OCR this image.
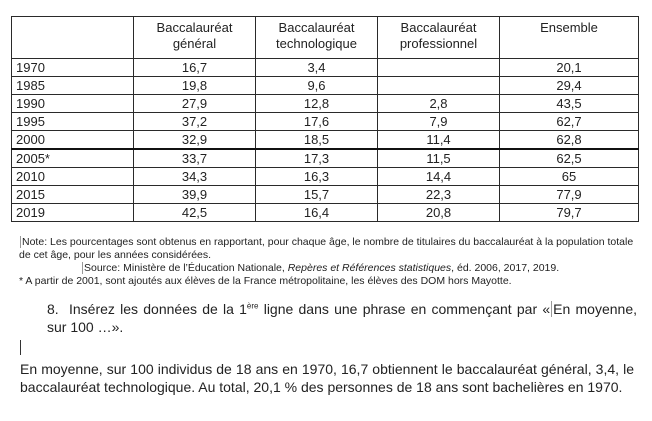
	Baccalauréat général	Baccalauréat technologique	Baccalauréat professionnel	Ensemble
1970	16,7	3,4		20,1
1985	19,8	9,6		29,4
1990	27,9	12,8	2,8	43,5
1995	37,2	17,6	7,9	62,7
2000	32,9	18,5	11,4	62,8
2005*	33,7	17,3	11,5	62,5
2010	34,3	16,3	14,4	65
2015	39,9	15,7	22,3	77,9
2019	42,5	16,4	20,8	79,7

Note: Les pourcentages sont obtenus en rapportant, pour chaque âge, le nombre de titulaires du baccalauréat à la population totale de cet âge, pour les années considérées.

Source: Ministère de l’Éducation Nationale, Repères et Références statistiques, éd. 2006, 2017, 2019.

* A partir de 2001, sont ajoutés aux élèves de la France métropolitaine, les élèves des DOM hors Mayotte.

8. Insérez les données de la 1ère ligne dans une phrase en commençant par « En moyenne, sur 100 …».

En moyenne, sur 100 individus de 18 ans en 1970, 16,7 obtiennent le baccalauréat général, 3,4, le baccalauréat technologique. Au total, 20,1 % des personnes de 18 ans sont bachelières en 1970.
